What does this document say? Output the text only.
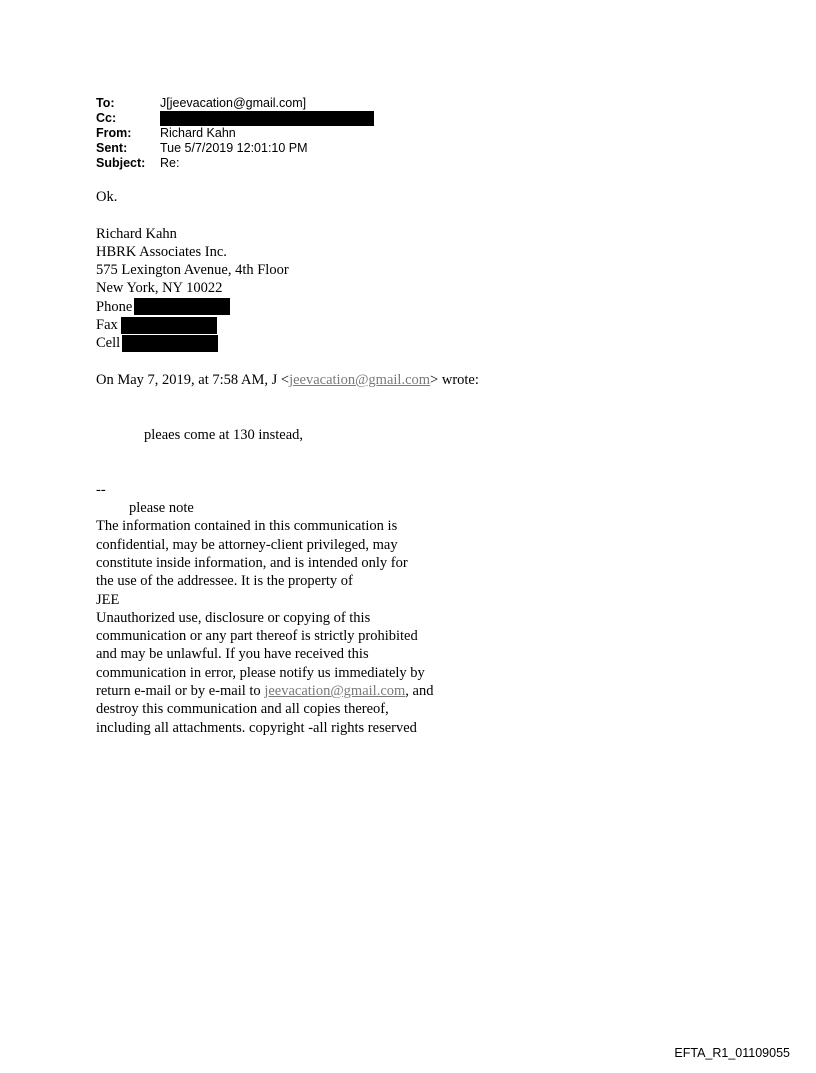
To:	J[jeevacation@gmail.com]
Cc:
From:	Richard Kahn
Sent:	Tue 5/7/2019 12:01:10 PM
Subject:	Re:

Ok.

Richard Kahn

HBRK Associates Inc.

575 Lexington Avenue, 4th Floor

New York, NY 10022

Phone
Fax
Cell

On May 7, 2019, at 7:58 AM, J <jeevacation@gmail.com> wrote:

pleaes come at 130 instead,

--

please note

The information contained in this communication is

confidential, may be attorney-client privileged, may

constitute inside information, and is intended only for

the use of the addressee. It is the property of

JEE

Unauthorized use, disclosure or copying of this

communication or any part thereof is strictly prohibited

and may be unlawful. If you have received this

communication in error, please notify us immediately by

return e-mail or by e-mail to jeevacation@gmail.com, and

destroy this communication and all copies thereof,

including all attachments. copyright -all rights reserved

EFTA_R1_01109055
